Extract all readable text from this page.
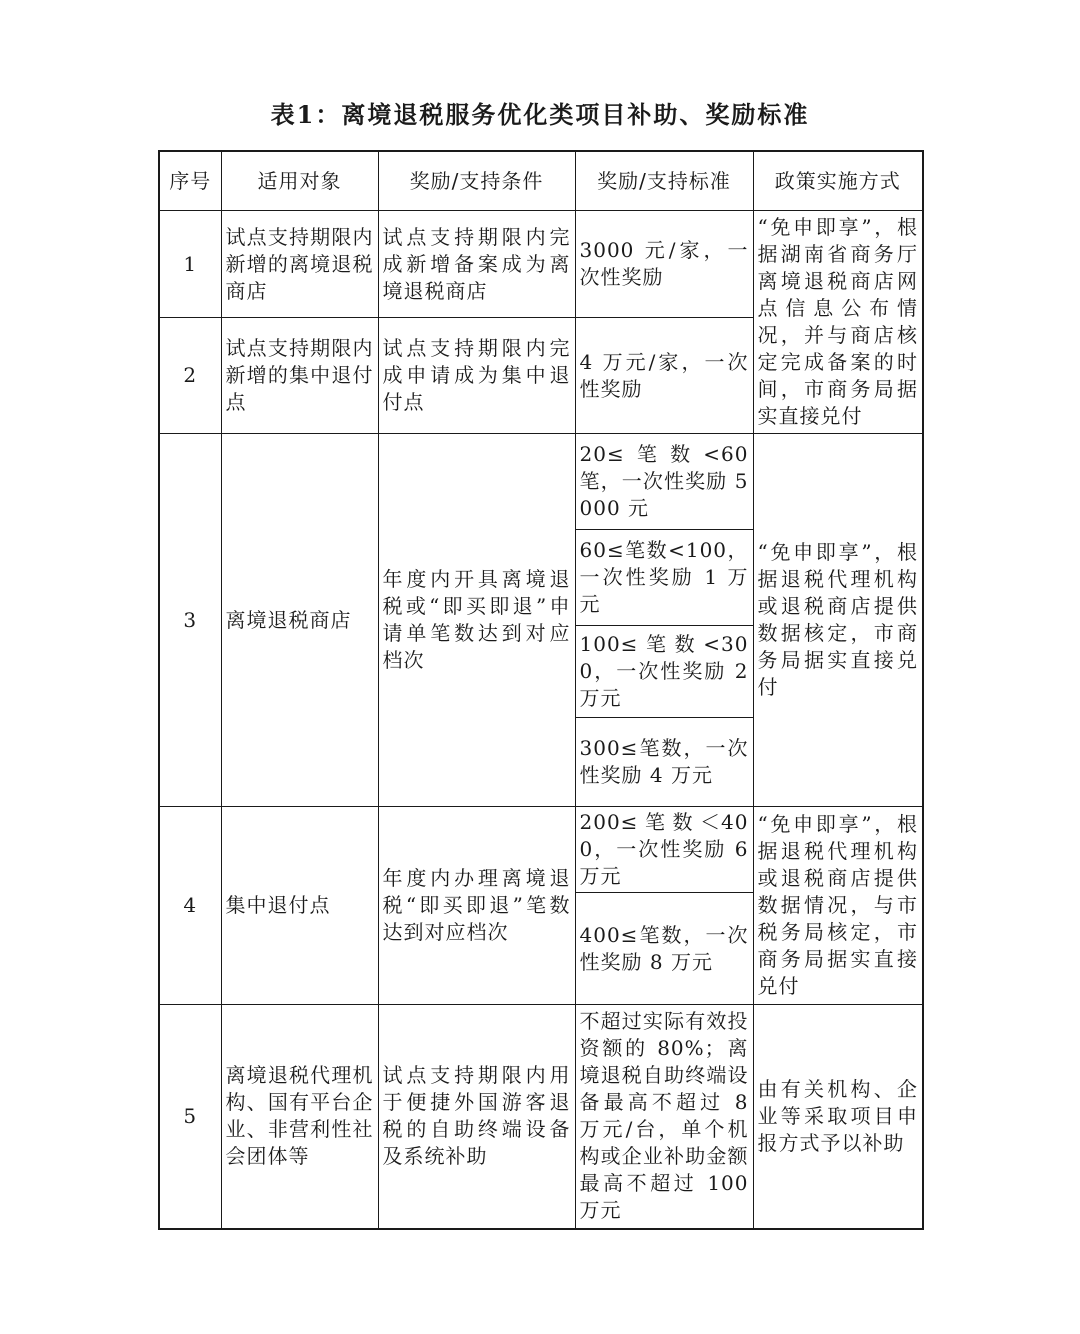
表1：离境退税服务优化类项目补助、奖励标准
序号	适用对象	奖励/支持条件	奖励/支持标准	政策实施方式
1	试点支持期限内新增的离境退税商店	试点支持期限内完成新增备案成为离境退税商店	3000 元/家，一次性奖励	“免申即享”，根据湖南省商务厅离境退税商店网点信息公布情况，并与商店核定完成备案的时间，市商务局据实直接兑付
2	试点支持期限内新增的集中退付点	试点支持期限内完成申请成为集中退付点	4 万元/家，一次性奖励	
3	离境退税商店	年度内开具离境退税或“即买即退”申请单笔数达到对应档次	20≤笔数<60 笔，一次性奖励 5000 元	“免申即享”，根据退税代理机构或退税商店提供数据核定，市商务局据实直接兑付
			60≤笔数<100，一次性奖励 1 万元	
			100≤笔数<300，一次性奖励 2 万元	
			300≤笔数，一次性奖励 4 万元	
4	集中退付点	年度内办理离境退税“即买即退”笔数达到对应档次	200≤笔数＜400，一次性奖励 6 万元	“免申即享”，根据退税代理机构或退税商店提供数据情况，与市税务局核定，市商务局据实直接兑付
			400≤笔数，一次性奖励 8 万元	
5	离境退税代理机构、国有平台企业、非营利性社会团体等	试点支持期限内用于便捷外国游客退税的自助终端设备及系统补助	不超过实际有效投资额的 80%；离境退税自助终端设备最高不超过 8 万元/台，单个机构或企业补助金额最高不超过 100 万元	由有关机构、企业等采取项目申报方式予以补助
